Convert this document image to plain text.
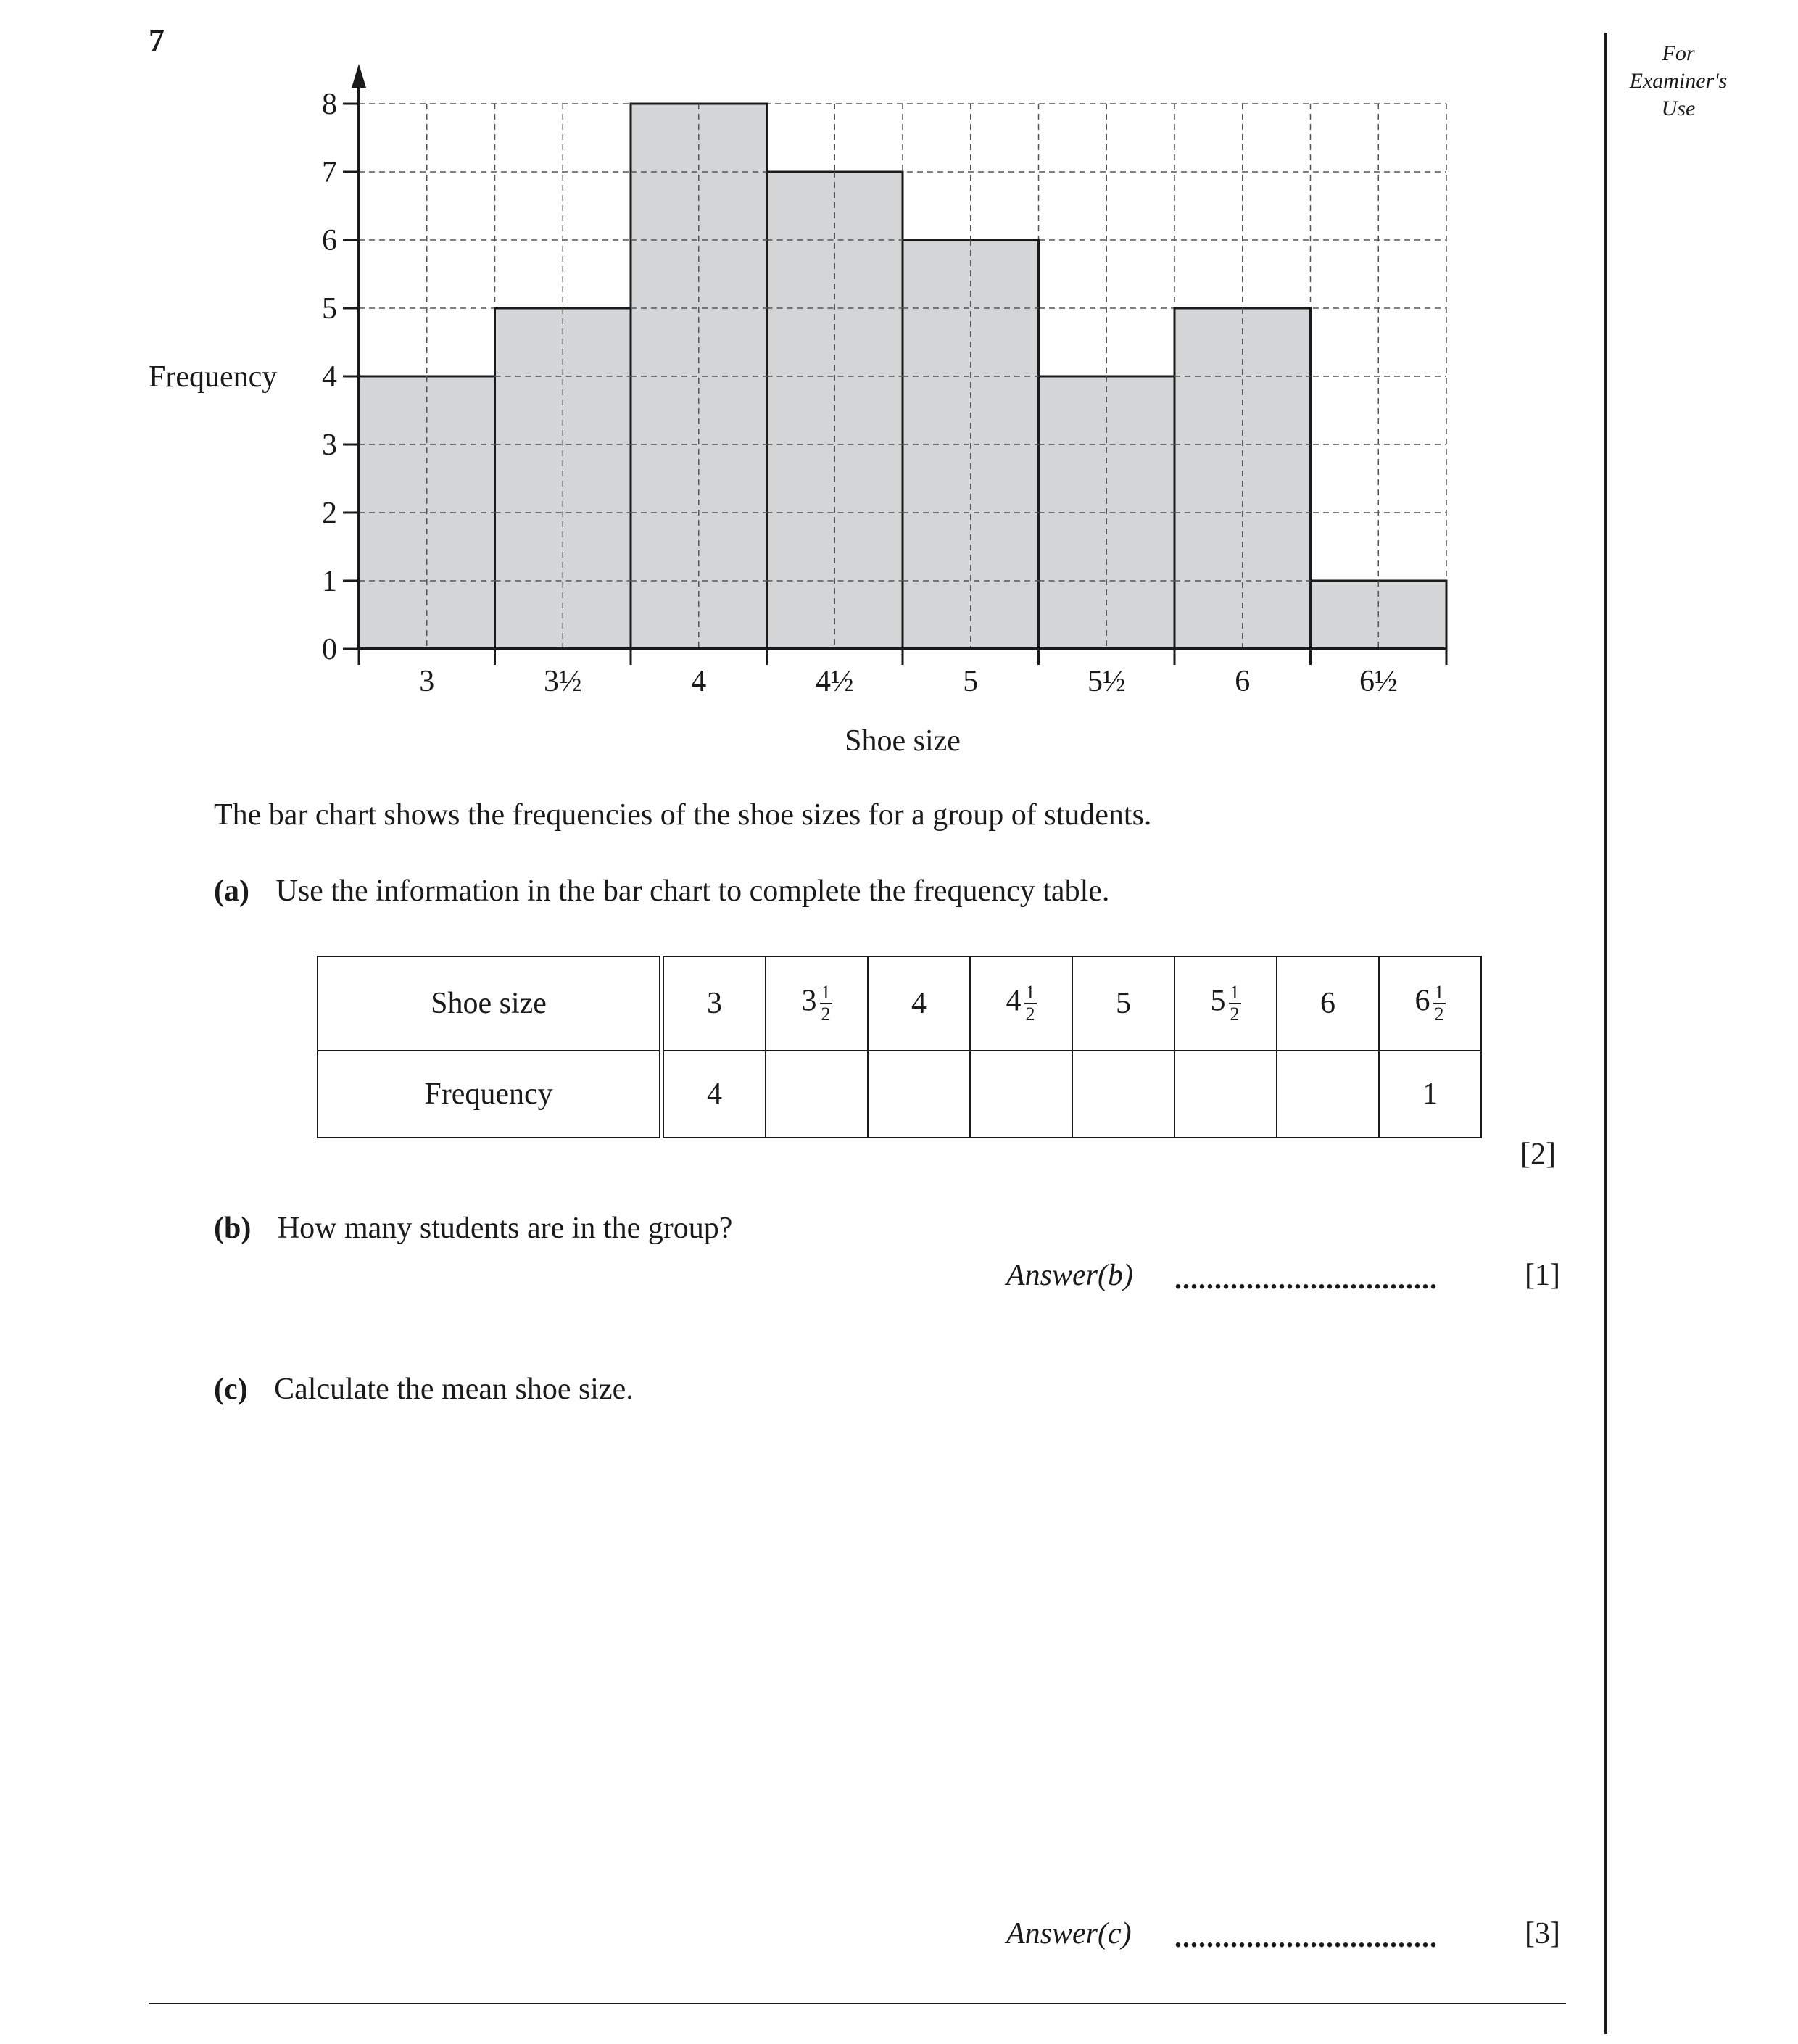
7	For
Examiner's
Use
0
1
2
3
4
5
6
7
8
3	3½	4	4½	5	5½	6	6½
Shoe size
Frequency
The bar chart shows the frequencies of the shoe sizes for a group of students.
(a) Use the information in the bar chart to complete the frequency table.
Shoe size	3	$3 \frac{1}{2}$	4	$4 \frac{1}{2}$	5	$5 \frac{1}{2}$	6	$6 \frac{1}{2}$

Frequency	4							1
[2]
(b) How many students are in the group?
Answer(b) .................................	[1]
(c) Calculate the mean shoe size.
Answer(c) .................................	[3]
